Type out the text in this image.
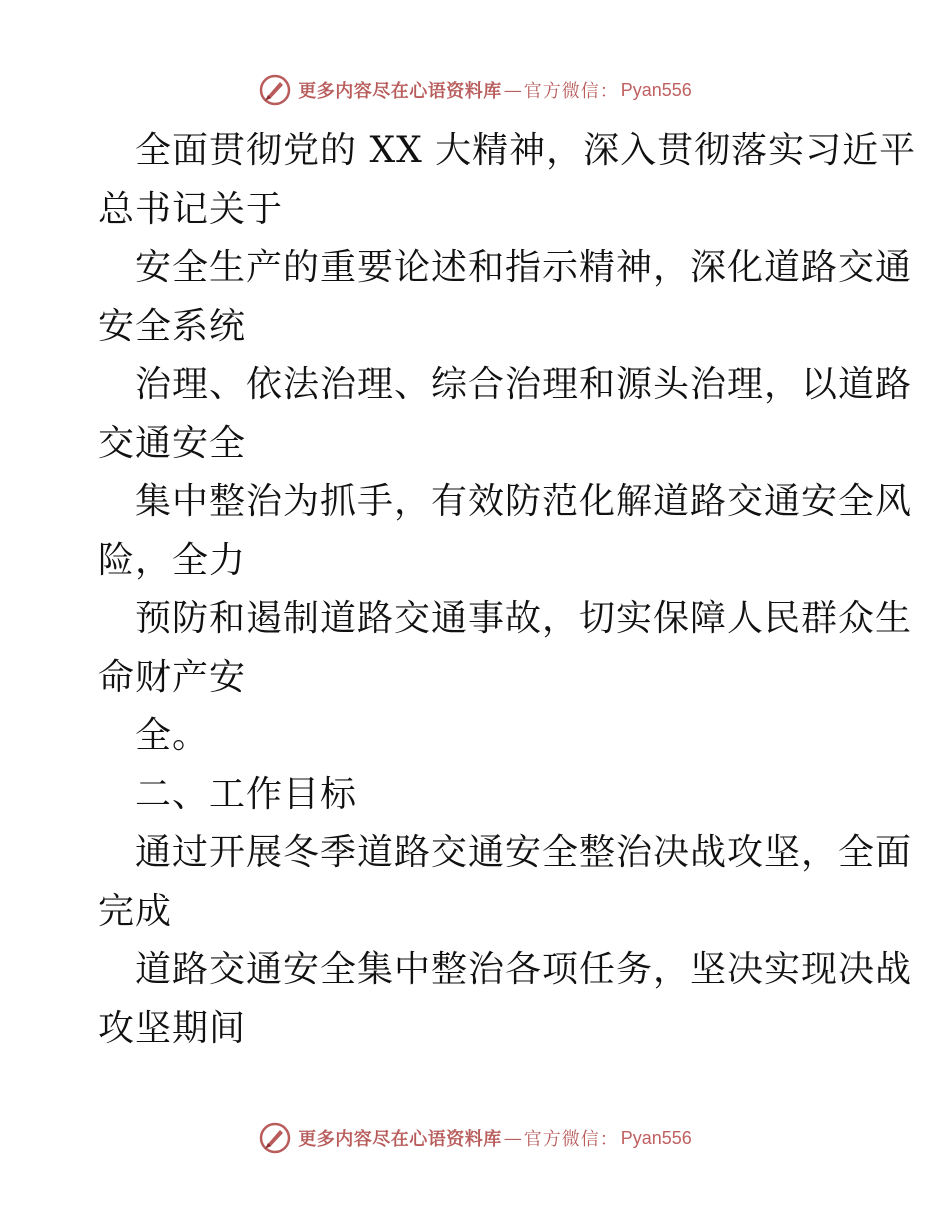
更多内容尽在心语资料库 — 官方微信： Pyan556
全面贯彻党的 XX 大精神，深入贯彻落实习近平
总书记关于
安全生产的重要论述和指示精神，深化道路交通
安全系统
治理、依法治理、综合治理和源头治理，以道路
交通安全
集中整治为抓手，有效防范化解道路交通安全风
险，全力
预防和遏制道路交通事故，切实保障人民群众生
命财产安
全。
二、工作目标
通过开展冬季道路交通安全整治决战攻坚，全面
完成
道路交通安全集中整治各项任务，坚决实现决战
攻坚期间
更多内容尽在心语资料库 — 官方微信： Pyan556
